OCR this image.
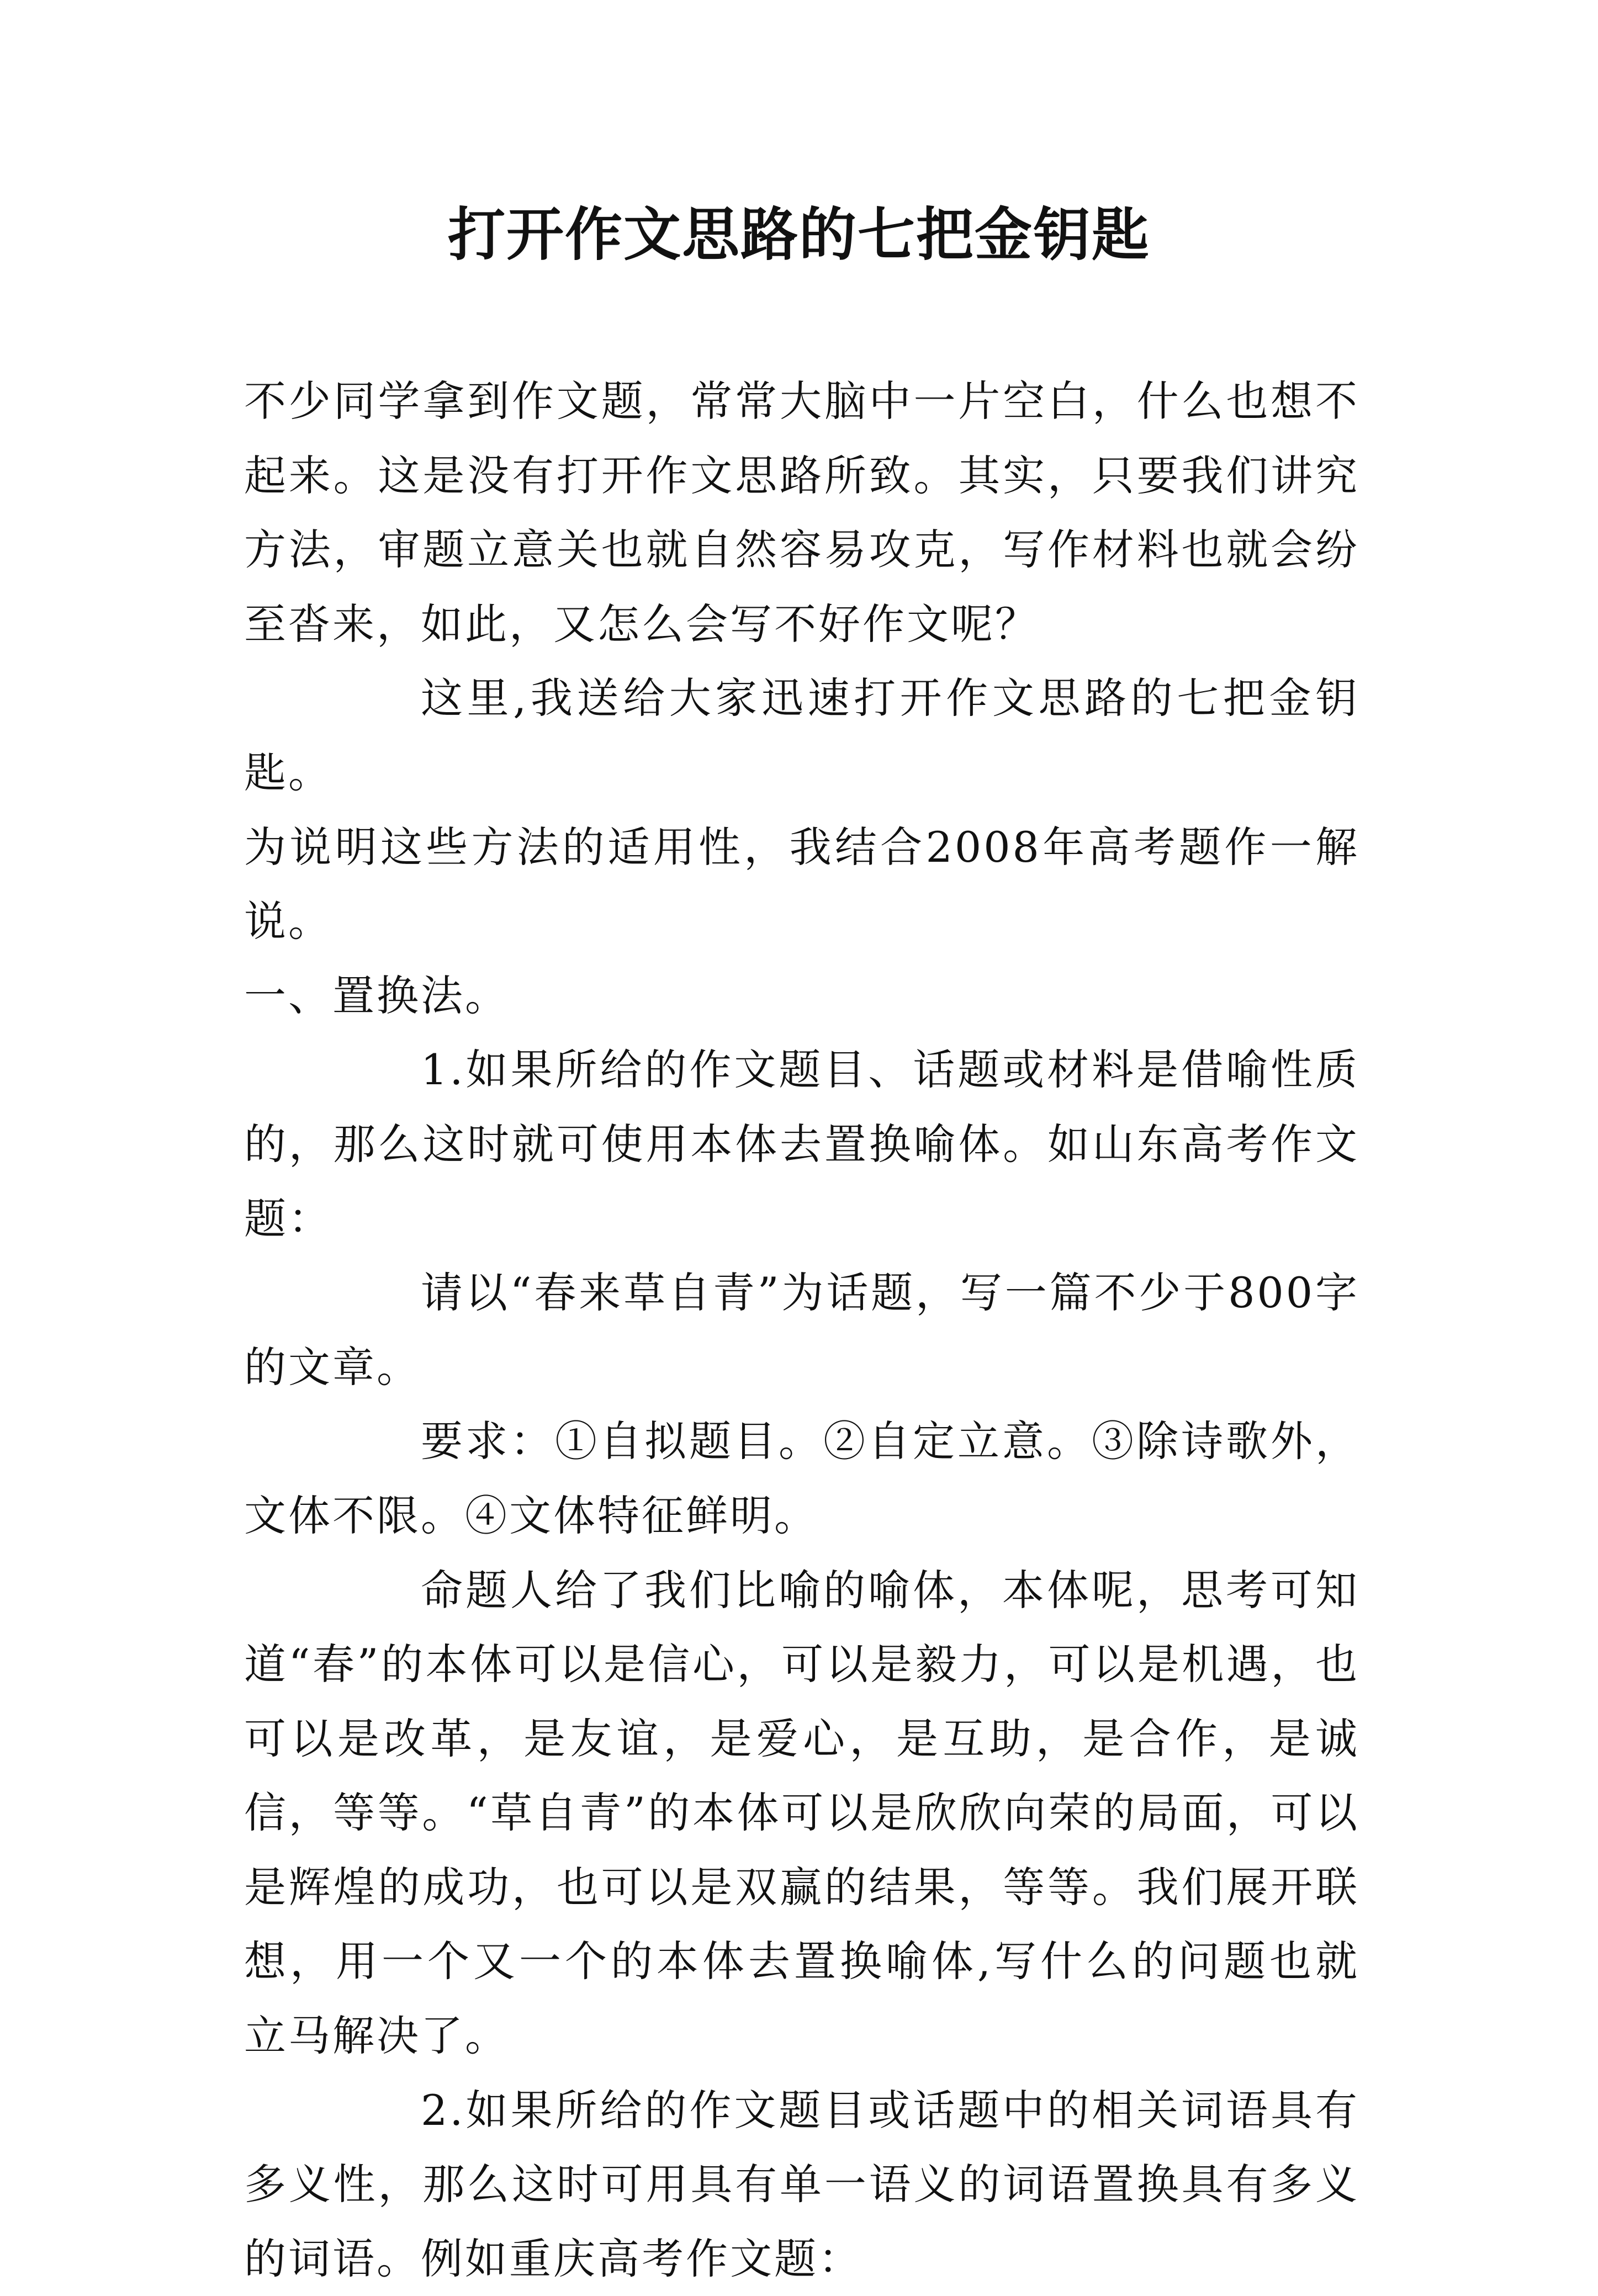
打开作文思路的七把金钥匙

不少同学拿到作文题，常常大脑中一片空白，什么也想不起来。这是没有打开作文思路所致。其实，只要我们讲究方法，审题立意关也就自然容易攻克，写作材料也就会纷至沓来，如此，又怎么会写不好作文呢？

这里,我送给大家迅速打开作文思路的七把金钥匙。

为说明这些方法的适用性，我结合2008年高考题作一解说。

一、置换法。

1.如果所给的作文题目、话题或材料是借喻性质的，那么这时就可使用本体去置换喻体。如山东高考作文题：

请以“春来草自青”为话题，写一篇不少于800字的文章。

要求：①自拟题目。②自定立意。③除诗歌外，文体不限。④文体特征鲜明。

命题人给了我们比喻的喻体，本体呢，思考可知道“春”的本体可以是信心，可以是毅力，可以是机遇，也可以是改革，是友谊，是爱心，是互助，是合作，是诚信，等等。“草自青”的本体可以是欣欣向荣的局面，可以是辉煌的成功，也可以是双赢的结果，等等。我们展开联想，用一个又一个的本体去置换喻体,写什么的问题也就立马解决了。

2.如果所给的作文题目或话题中的相关词语具有多义性，那么这时可用具有单一语义的词语置换具有多义的词语。例如重庆高考作文题：
